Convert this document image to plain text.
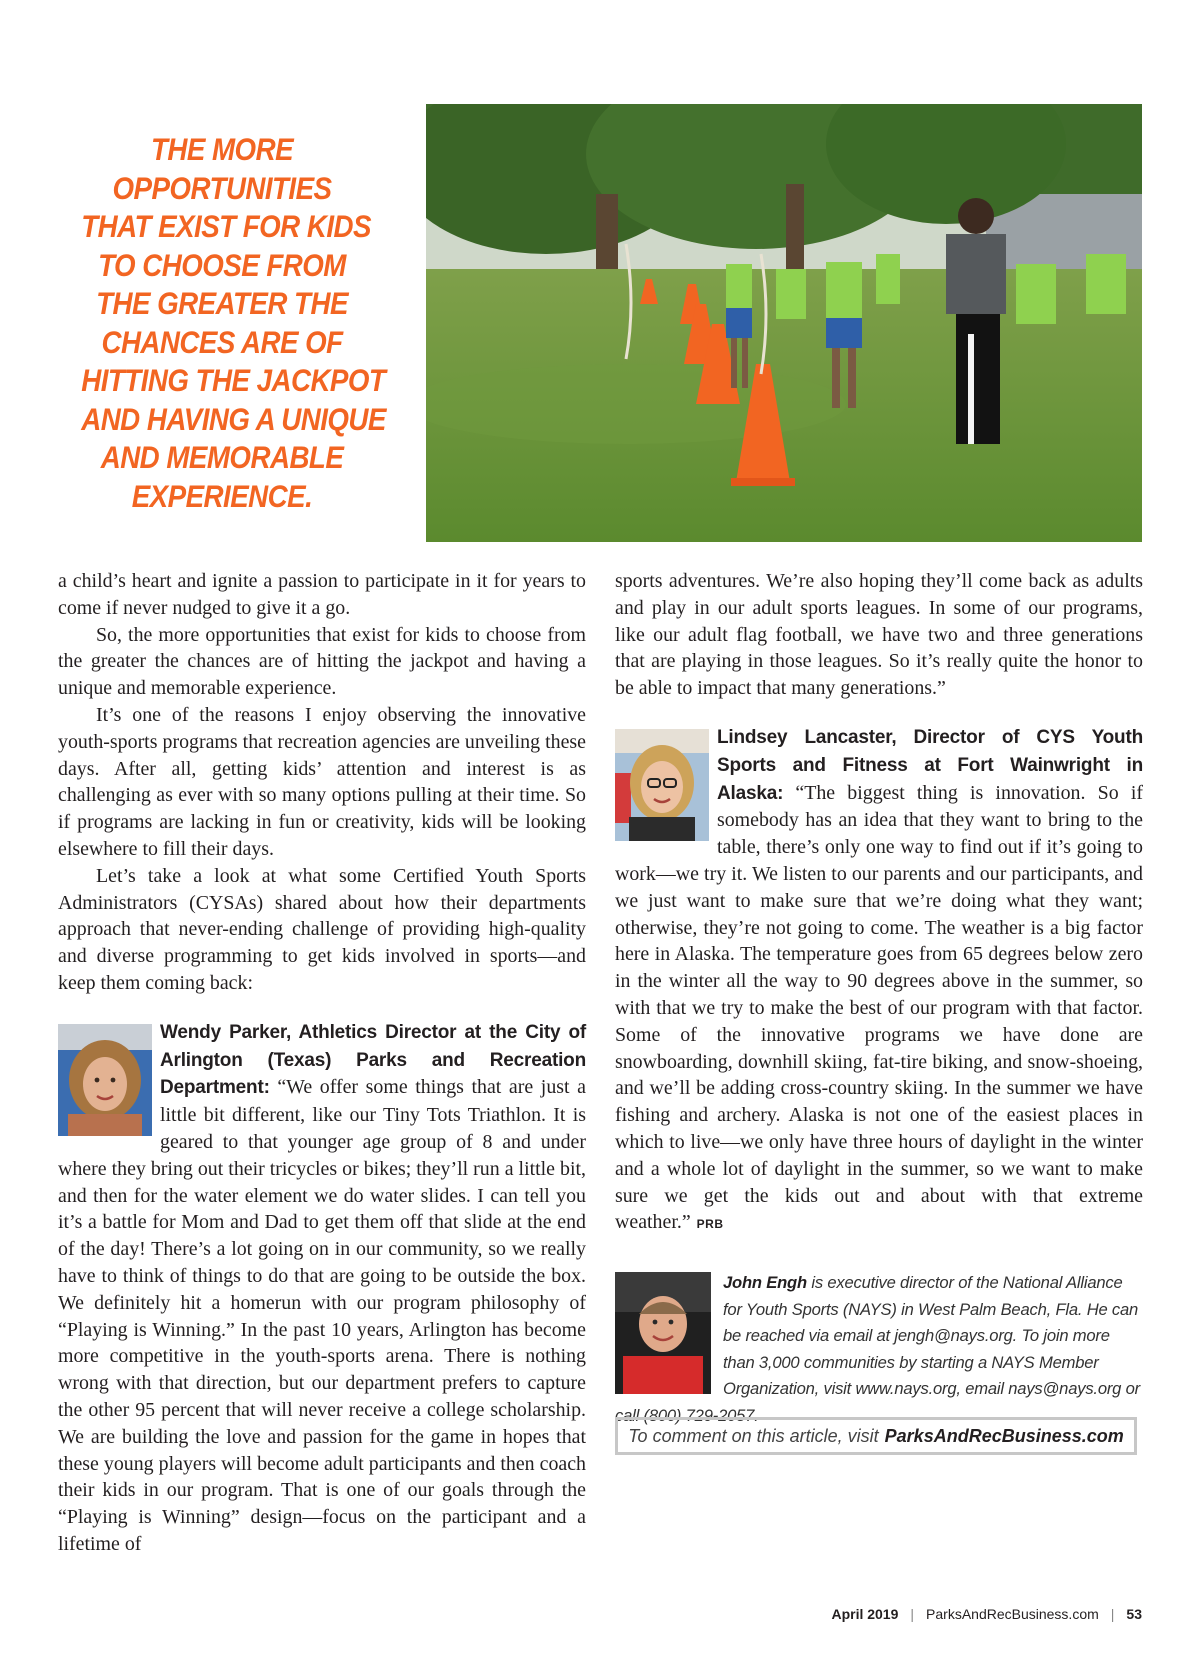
THE MORE
OPPORTUNITIES
THAT EXIST FOR KIDS
TO CHOOSE FROM
THE GREATER THE
CHANCES ARE OF
HITTING THE JACKPOT
AND HAVING A UNIQUE
AND MEMORABLE
EXPERIENCE.

a child’s heart and ignite a passion to participate in it for years to come if never nudged to give it a go.

So, the more opportunities that exist for kids to choose from the greater the chances are of hitting the jackpot and having a unique and memorable experience.

It’s one of the reasons I enjoy observing the innovative youth-sports programs that recreation agencies are unveiling these days. After all, getting kids’ attention and interest is as challenging as ever with so many options pulling at their time. So if programs are lacking in fun or creativity, kids will be looking elsewhere to fill their days.

Let’s take a look at what some Certified Youth Sports Administrators (CYSAs) shared about how their departments approach that never-ending challenge of providing high-quality and diverse programming to get kids involved in sports—and keep them coming back:

Wendy Parker, Athletics Director at the City of Arlington (Texas) Parks and Recreation Department: “We offer some things that are just a little bit different, like our Tiny Tots Triathlon. It is geared to that younger age group of 8 and under where they bring out their tricycles or bikes; they’ll run a little bit, and then for the water element we do water slides. I can tell you it’s a battle for Mom and Dad to get them off that slide at the end of the day! There’s a lot going on in our community, so we really have to think of things to do that are going to be outside the box. We definitely hit a homerun with our program philosophy of “Playing is Winning.” In the past 10 years, Arlington has become more competitive in the youth-sports arena. There is nothing wrong with that direction, but our department prefers to capture the other 95 percent that will never receive a college scholarship. We are building the love and passion for the game in hopes that these young players will become adult participants and then coach their kids in our program. That is one of our goals through the “Playing is Winning” design—focus on the participant and a lifetime of

sports adventures. We’re also hoping they’ll come back as adults and play in our adult sports leagues. In some of our programs, like our adult flag football, we have two and three generations that are playing in those leagues. So it’s really quite the honor to be able to impact that many generations.”

Lindsey Lancaster, Director of CYS Youth Sports and Fitness at Fort Wainwright in Alaska: “The biggest thing is innovation. So if somebody has an idea that they want to bring to the table, there’s only one way to find out if it’s going to work—we try it. We listen to our parents and our participants, and we just want to make sure that we’re doing what they want; otherwise, they’re not going to come. The weather is a big factor here in Alaska. The temperature goes from 65 degrees below zero in the winter all the way to 90 degrees above in the summer, so with that we try to make the best of our program with that factor. Some of the innovative programs we have done are snowboarding, downhill skiing, fat-tire biking, and snow-shoeing, and we’ll be adding cross-country skiing. In the summer we have fishing and archery. Alaska is not one of the easiest places in which to live—we only have three hours of daylight in the winter and a whole lot of daylight in the summer, so we want to make sure we get the kids out and about with that extreme weather.” PRB

John Engh is executive director of the National Alliance for Youth Sports (NAYS) in West Palm Beach, Fla. He can be reached via email at jengh@nays.org. To join more than 3,000 communities by starting a NAYS Member Organization, visit www.nays.org, email nays@nays.org or call (800) 729-2057.
To comment on this article, visit ParksAndRecBusiness.com
April 2019 | ParksAndRecBusiness.com | 53
